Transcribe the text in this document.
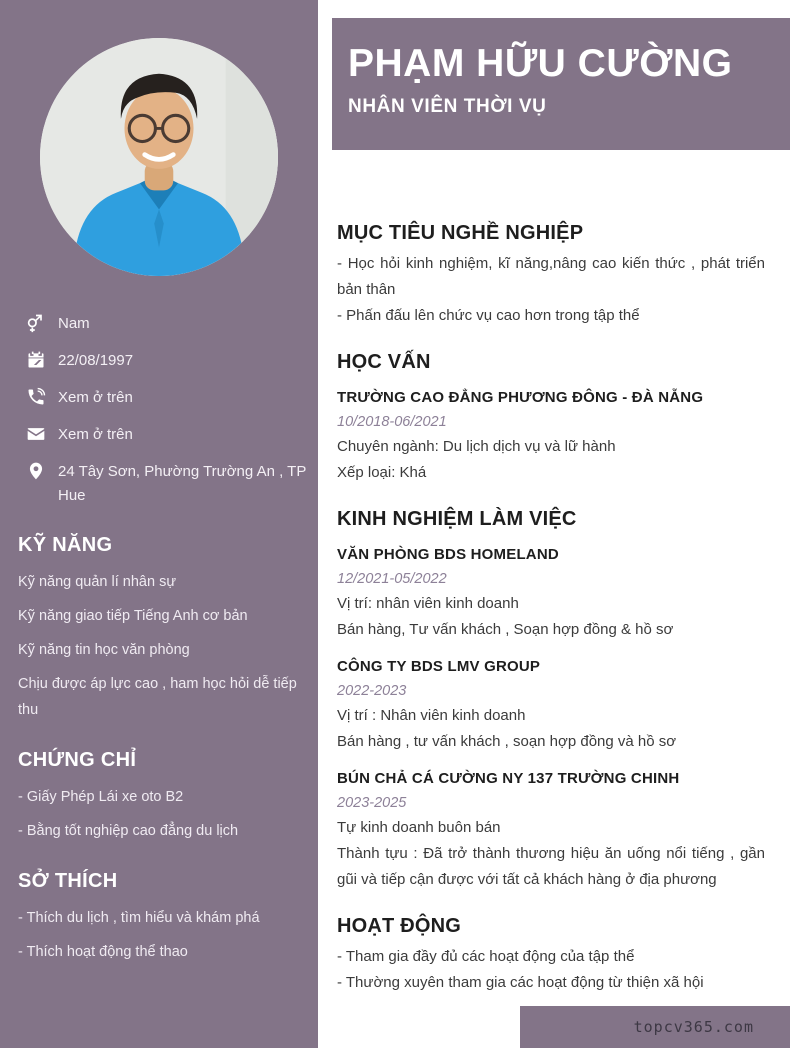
Nam
22/08/1997
Xem ở trên
Xem ở trên
24 Tây Sơn, Phường Trường An , TP Hue
KỸ NĂNG
Kỹ năng quản lí nhân sự
Kỹ năng giao tiếp Tiếng Anh cơ bản
Kỹ năng tin học văn phòng
Chịu được áp lực cao , ham học hỏi dễ tiếp thu
CHỨNG CHỈ
- Giấy Phép Lái xe oto B2
- Bằng tốt nghiệp cao đẳng du lịch
SỞ THÍCH
- Thích du lịch , tìm hiểu và khám phá
- Thích hoạt động thể thao
PHẠM HỮU CƯỜNG
NHÂN VIÊN THỜI VỤ
MỤC TIÊU NGHỀ NGHIỆP

- Học hỏi kinh nghiệm, kĩ năng,nâng cao kiến thức , phát triển bản thân

- Phấn đấu lên chức vụ cao hơn trong tập thể

HỌC VẤN
TRƯỜNG CAO ĐẲNG PHƯƠNG ĐÔNG - ĐÀ NẴNG
10/2018-06/2021

Chuyên ngành: Du lịch dịch vụ và lữ hành

Xếp loại: Khá

KINH NGHIỆM LÀM VIỆC
VĂN PHÒNG BDS HOMELAND
12/2021-05/2022

Vị trí: nhân viên kinh doanh

Bán hàng, Tư vấn khách , Soạn hợp đồng & hồ sơ

CÔNG TY BDS LMV GROUP
2022-2023

Vị trí : Nhân viên kinh doanh

Bán hàng , tư vấn khách , soạn hợp đồng và hồ sơ

BÚN CHẢ CÁ CƯỜNG NY 137 TRƯỜNG CHINH
2023-2025

Tự kinh doanh buôn bán

Thành tựu : Đã trở thành thương hiệu ăn uống nổi tiếng , gần gũi và tiếp cận được với tất cả khách hàng ở địa phương

HOẠT ĐỘNG

- Tham gia đầy đủ các hoạt động của tập thể

- Thường xuyên tham gia các hoạt động từ thiện xã hội

topcv365.com
